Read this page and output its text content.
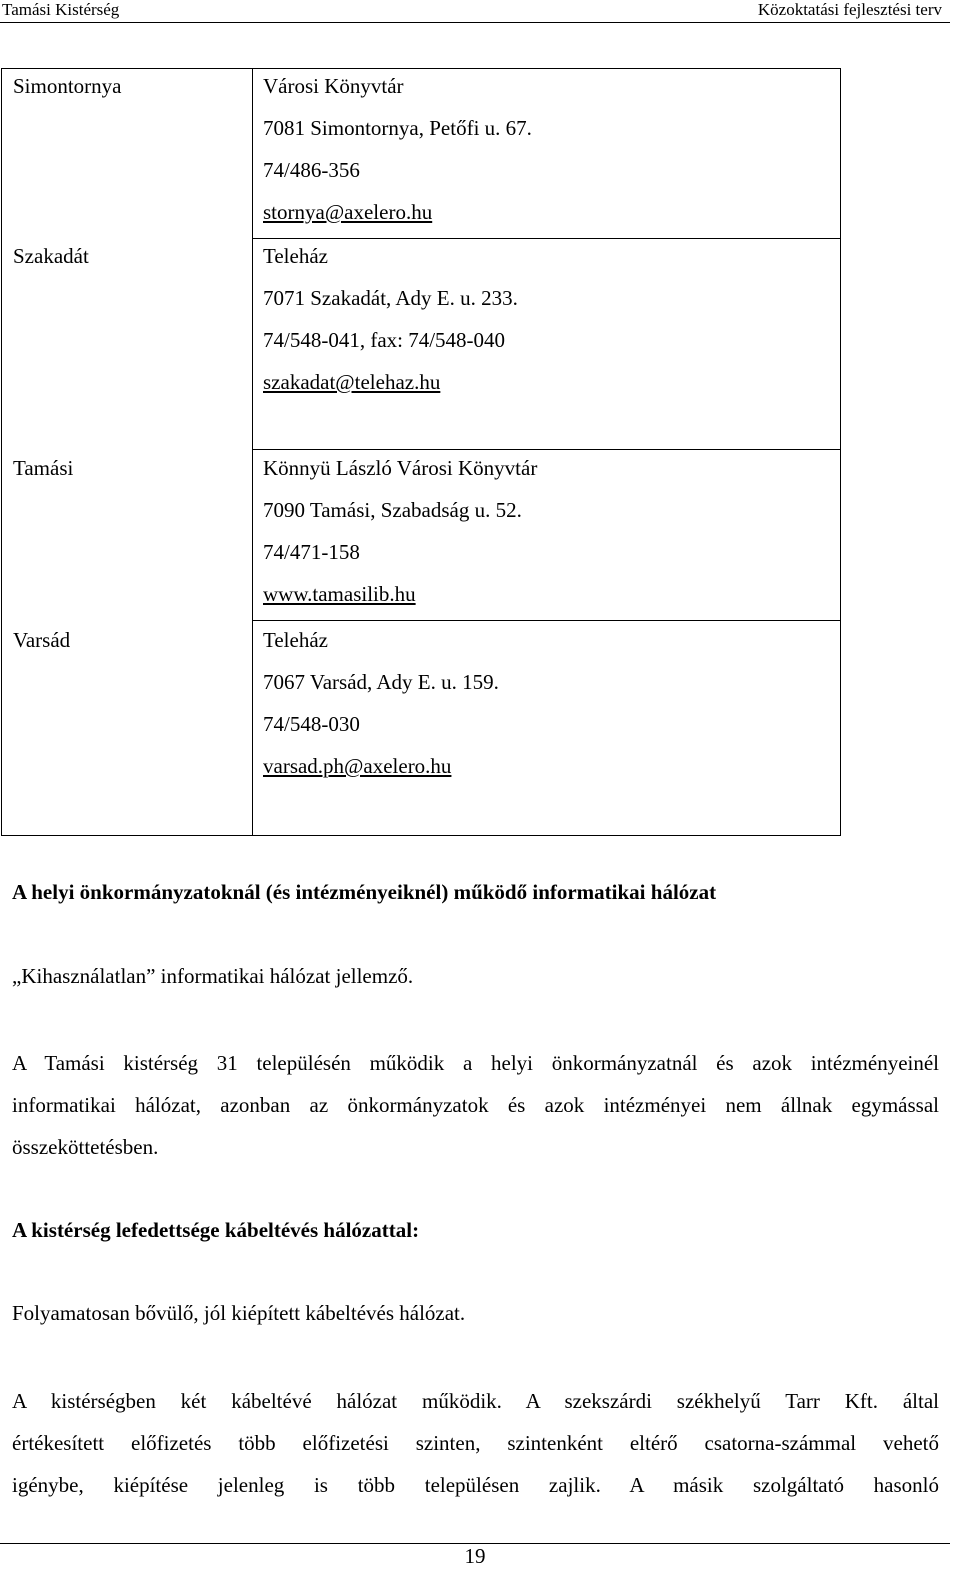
Tamási Kistérség	Közoktatási fejlesztési terv
Simontornya	Városi Könyvtár
7081 Simontornya, Petőfi u. 67.
74/486-356
stornya@axelero.hu
Szakadát	Teleház
7071 Szakadát, Ady E. u. 233.
74/548-041, fax: 74/548-040
szakadat@telehaz.hu
Tamási	Könnyü László Városi Könyvtár
7090 Tamási, Szabadság u. 52.
74/471-158
www.tamasilib.hu
Varsád	Teleház
7067 Varsád, Ady E. u. 159.
74/548-030
varsad.ph@axelero.hu
A helyi önkormányzatoknál (és intézményeiknél) működő informatikai hálózat
„Kihasználatlan” informatikai hálózat jellemző.
A Tamási kistérség 31 településén működik a helyi önkormányzatnál és azok intézményeinél
informatikai hálózat, azonban az önkormányzatok és azok intézményei nem állnak egymással
összeköttetésben.
A kistérség lefedettsége kábeltévés hálózattal:
Folyamatosan bővülő, jól kiépített kábeltévés hálózat.
A kistérségben két kábeltévé hálózat működik. A szekszárdi székhelyű Tarr Kft. által
értékesített előfizetés több előfizetési szinten, szintenként eltérő csatorna-számmal vehető
igénybe, kiépítése jelenleg is több településen zajlik. A másik szolgáltató hasonló
19
